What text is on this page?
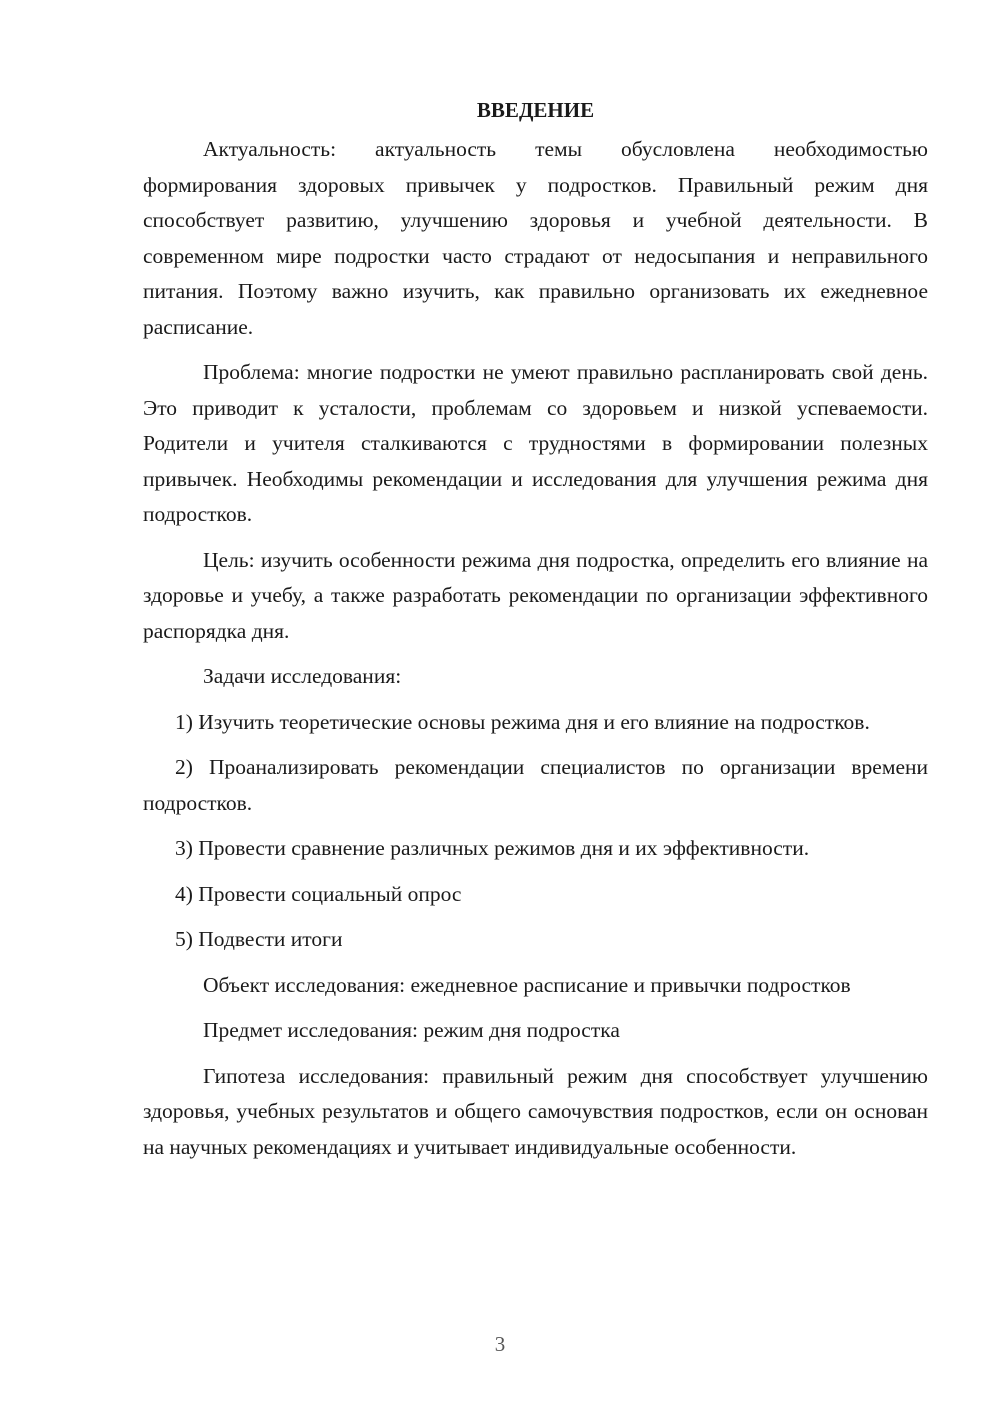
ВВЕДЕНИЕ

Актуальность: актуальность темы обусловлена необходимостью формирования здоровых привычек у подростков. Правильный режим дня способствует развитию, улучшению здоровья и учебной деятельности. В современном мире подростки часто страдают от недосыпания и неправильного питания. Поэтому важно изучить, как правильно организовать их ежедневное расписание.

Проблема: многие подростки не умеют правильно распланировать свой день. Это приводит к усталости, проблемам со здоровьем и низкой успеваемости. Родители и учителя сталкиваются с трудностями в формировании полезных привычек. Необходимы рекомендации и исследования для улучшения режима дня подростков.

Цель: изучить особенности режима дня подростка, определить его влияние на здоровье и учебу, а также разработать рекомендации по организации эффективного распорядка дня.

Задачи исследования:

1) Изучить теоретические основы режима дня и его влияние на подростков.

2) Проанализировать рекомендации специалистов по организации времени подростков.

3) Провести сравнение различных режимов дня и их эффективности.

4) Провести социальный опрос

5) Подвести итоги

Объект исследования: ежедневное расписание и привычки подростков

Предмет исследования: режим дня подростка

Гипотеза исследования: правильный режим дня способствует улучшению здоровья, учебных результатов и общего самочувствия подростков, если он основан на научных рекомендациях и учитывает индивидуальные особенности.

3
